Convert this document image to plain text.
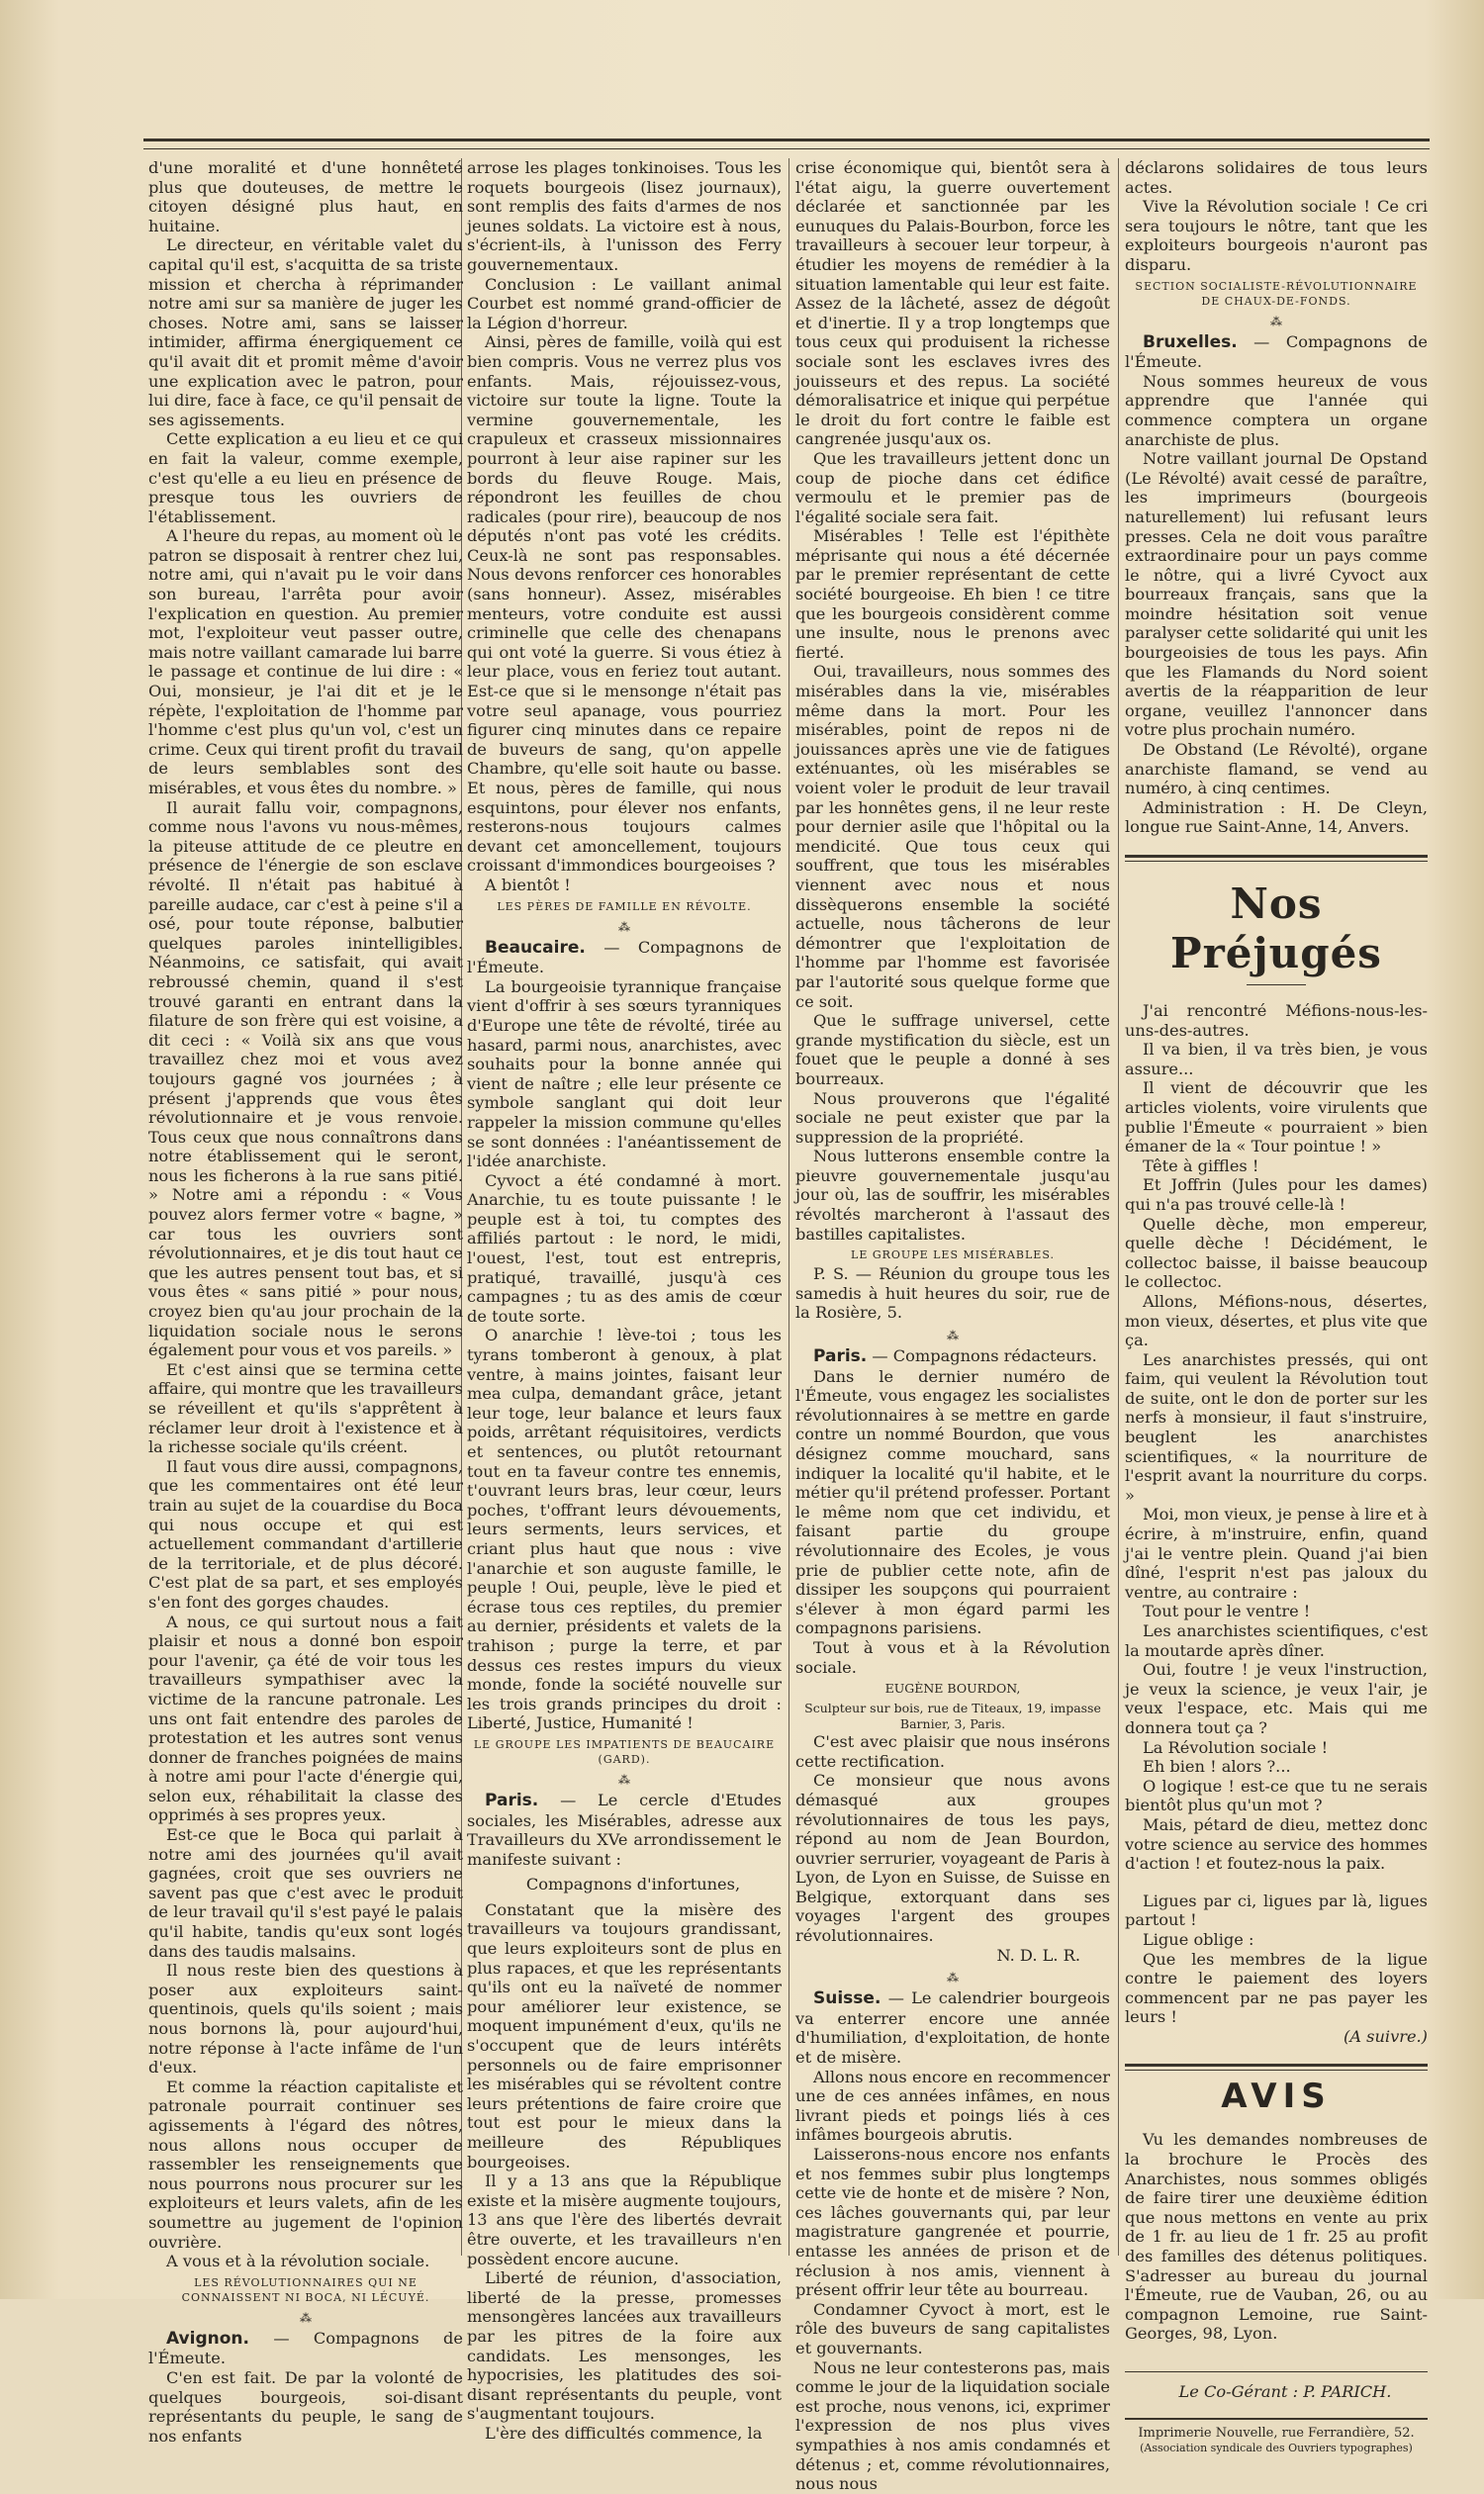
d'une moralité et d'une honnêteté plus que douteuses, de mettre le citoyen désigné plus haut, en huitaine.

Le directeur, en véritable valet du capital qu'il est, s'acquitta de sa triste mission et chercha à réprimander notre ami sur sa manière de juger les choses. Notre ami, sans se laisser intimider, affirma énergiquement ce qu'il avait dit et promit même d'avoir une explication avec le patron, pour lui dire, face à face, ce qu'il pensait de ses agissements.

Cette explication a eu lieu et ce qui en fait la valeur, comme exemple, c'est qu'elle a eu lieu en présence de presque tous les ouvriers de l'établissement.

A l'heure du repas, au moment où le patron se disposait à rentrer chez lui, notre ami, qui n'avait pu le voir dans son bureau, l'arrêta pour avoir l'explication en question. Au premier mot, l'exploiteur veut passer outre, mais notre vaillant camarade lui barre le passage et continue de lui dire : « Oui, monsieur, je l'ai dit et je le répète, l'exploitation de l'homme par l'homme c'est plus qu'un vol, c'est un crime. Ceux qui tirent profit du travail de leurs semblables sont des misérables, et vous êtes du nombre. »

Il aurait fallu voir, compagnons, comme nous l'avons vu nous-mêmes, la piteuse attitude de ce pleutre en présence de l'énergie de son esclave révolté. Il n'était pas habitué à pareille audace, car c'est à peine s'il a osé, pour toute réponse, balbutier quelques paroles inintelligibles. Néanmoins, ce satisfait, qui avait rebroussé chemin, quand il s'est trouvé garanti en entrant dans la filature de son frère qui est voisine, a dit ceci : « Voilà six ans que vous travaillez chez moi et vous avez toujours gagné vos journées ; à présent j'apprends que vous êtes révolutionnaire et je vous renvoie. Tous ceux que nous connaîtrons dans notre établissement qui le seront, nous les ficherons à la rue sans pitié. » Notre ami a répondu : « Vous pouvez alors fermer votre « bagne, » car tous les ouvriers sont révolutionnaires, et je dis tout haut ce que les autres pensent tout bas, et si vous êtes « sans pitié » pour nous, croyez bien qu'au jour prochain de la liquidation sociale nous le serons également pour vous et vos pareils. »

Et c'est ainsi que se termina cette affaire, qui montre que les travailleurs se réveillent et qu'ils s'apprêtent à réclamer leur droit à l'existence et à la richesse sociale qu'ils créent.

Il faut vous dire aussi, compagnons, que les commentaires ont été leur train au sujet de la couardise du Boca qui nous occupe et qui est actuellement commandant d'artillerie de la territoriale, et de plus décoré. C'est plat de sa part, et ses employés s'en font des gorges chaudes.

A nous, ce qui surtout nous a fait plaisir et nous a donné bon espoir pour l'avenir, ça été de voir tous les travailleurs sympathiser avec la victime de la rancune patronale. Les uns ont fait entendre des paroles de protestation et les autres sont venus donner de franches poignées de mains à notre ami pour l'acte d'énergie qui, selon eux, réhabilitait la classe des opprimés à ses propres yeux.

Est-ce que le Boca qui parlait à notre ami des journées qu'il avait gagnées, croit que ses ouvriers ne savent pas que c'est avec le produit de leur travail qu'il s'est payé le palais qu'il habite, tandis qu'eux sont logés dans des taudis malsains.

Il nous reste bien des questions à poser aux exploiteurs saint-quentinois, quels qu'ils soient ; mais nous bornons là, pour aujourd'hui, notre réponse à l'acte infâme de l'un d'eux.

Et comme la réaction capitaliste et patronale pourrait continuer ses agissements à l'égard des nôtres, nous allons nous occuper de rassembler les renseignements que nous pourrons nous procurer sur les exploiteurs et leurs valets, afin de les soumettre au jugement de l'opinion ouvrière.

A vous et à la révolution sociale.

LES RÉVOLUTIONNAIRES QUI NE CONNAISSENT NI BOCA, NI LÉCUYÉ.
⁂

Avignon. — Compagnons de l'Émeute.

C'en est fait. De par la volonté de quelques bourgeois, soi-disant représentants du peuple, le sang de nos enfants

arrose les plages tonkinoises. Tous les roquets bourgeois (lisez journaux), sont remplis des faits d'armes de nos jeunes soldats. La victoire est à nous, s'écrient-ils, à l'unisson des Ferry gouvernementaux.

Conclusion : Le vaillant animal Courbet est nommé grand-officier de la Légion d'horreur.

Ainsi, pères de famille, voilà qui est bien compris. Vous ne verrez plus vos enfants. Mais, réjouissez-vous, victoire sur toute la ligne. Toute la vermine gouvernementale, les crapuleux et crasseux missionnaires pourront à leur aise rapiner sur les bords du fleuve Rouge. Mais, répondront les feuilles de chou radicales (pour rire), beaucoup de nos députés n'ont pas voté les crédits. Ceux-là ne sont pas responsables. Nous devons renforcer ces honorables (sans honneur). Assez, misérables menteurs, votre conduite est aussi criminelle que celle des chenapans qui ont voté la guerre. Si vous étiez à leur place, vous en feriez tout autant. Est-ce que si le mensonge n'était pas votre seul apanage, vous pourriez figurer cinq minutes dans ce repaire de buveurs de sang, qu'on appelle Chambre, qu'elle soit haute ou basse. Et nous, pères de famille, qui nous esquintons, pour élever nos enfants, resterons-nous toujours calmes devant cet amoncellement, toujours croissant d'immondices bourgeoises ?

A bientôt !

LES PÈRES DE FAMILLE EN RÉVOLTE.
⁂

Beaucaire. — Compagnons de l'Émeute.

La bourgeoisie tyrannique française vient d'offrir à ses sœurs tyranniques d'Europe une tête de révolté, tirée au hasard, parmi nous, anarchistes, avec souhaits pour la bonne année qui vient de naître ; elle leur présente ce symbole sanglant qui doit leur rappeler la mission commune qu'elles se sont données : l'anéantissement de l'idée anarchiste.

Cyvoct a été condamné à mort. Anarchie, tu es toute puissante ! le peuple est à toi, tu comptes des affiliés partout : le nord, le midi, l'ouest, l'est, tout est entrepris, pratiqué, travaillé, jusqu'à ces campagnes ; tu as des amis de cœur de toute sorte.

O anarchie ! lève-toi ; tous les tyrans tomberont à genoux, à plat ventre, à mains jointes, faisant leur mea culpa, demandant grâce, jetant leur toge, leur balance et leurs faux poids, arrêtant réquisitoires, verdicts et sentences, ou plutôt retournant tout en ta faveur contre tes ennemis, t'ouvrant leurs bras, leur cœur, leurs poches, t'offrant leurs dévouements, leurs serments, leurs services, et criant plus haut que nous : vive l'anarchie et son auguste famille, le peuple ! Oui, peuple, lève le pied et écrase tous ces reptiles, du premier au dernier, présidents et valets de la trahison ; purge la terre, et par dessus ces restes impurs du vieux monde, fonde la société nouvelle sur les trois grands principes du droit : Liberté, Justice, Humanité !

LE GROUPE LES IMPATIENTS DE BEAUCAIRE (GARD).
⁂

Paris. — Le cercle d'Etudes sociales, les Misérables, adresse aux Travailleurs du XVe arrondissement le manifeste suivant :

Compagnons d'infortunes,

Constatant que la misère des travailleurs va toujours grandissant, que leurs exploiteurs sont de plus en plus rapaces, et que les représentants qu'ils ont eu la naïveté de nommer pour améliorer leur existence, se moquent impunément d'eux, qu'ils ne s'occupent que de leurs intérêts personnels ou de faire emprisonner les misérables qui se révoltent contre leurs prétentions de faire croire que tout est pour le mieux dans la meilleure des Républiques bourgeoises.

Il y a 13 ans que la République existe et la misère augmente toujours, 13 ans que l'ère des libertés devrait être ouverte, et les travailleurs n'en possèdent encore aucune.

Liberté de réunion, d'association, liberté de la presse, promesses mensongères lancées aux travailleurs par les pitres de la foire aux candidats. Les mensonges, les hypocrisies, les platitudes des soi-disant représentants du peuple, vont s'augmentant toujours.

L'ère des difficultés commence, la

crise économique qui, bientôt sera à l'état aigu, la guerre ouvertement déclarée et sanctionnée par les eunuques du Palais-Bourbon, force les travailleurs à secouer leur torpeur, à étudier les moyens de remédier à la situation lamentable qui leur est faite. Assez de la lâcheté, assez de dégoût et d'inertie. Il y a trop longtemps que tous ceux qui produisent la richesse sociale sont les esclaves ivres des jouisseurs et des repus. La société démoralisatrice et inique qui perpétue le droit du fort contre le faible est cangrenée jusqu'aux os.

Que les travailleurs jettent donc un coup de pioche dans cet édifice vermoulu et le premier pas de l'égalité sociale sera fait.

Misérables ! Telle est l'épithète méprisante qui nous a été décernée par le premier représentant de cette société bourgeoise. Eh bien ! ce titre que les bourgeois considèrent comme une insulte, nous le prenons avec fierté.

Oui, travailleurs, nous sommes des misérables dans la vie, misérables même dans la mort. Pour les misérables, point de repos ni de jouissances après une vie de fatigues exténuantes, où les misérables se voient voler le produit de leur travail par les honnêtes gens, il ne leur reste pour dernier asile que l'hôpital ou la mendicité. Que tous ceux qui souffrent, que tous les misérables viennent avec nous et nous dissèquerons ensemble la société actuelle, nous tâcherons de leur démontrer que l'exploitation de l'homme par l'homme est favorisée par l'autorité sous quelque forme que ce soit.

Que le suffrage universel, cette grande mystification du siècle, est un fouet que le peuple a donné à ses bourreaux.

Nous prouverons que l'égalité sociale ne peut exister que par la suppression de la propriété.

Nous lutterons ensemble contre la pieuvre gouvernementale jusqu'au jour où, las de souffrir, les misérables révoltés marcheront à l'assaut des bastilles capitalistes.

LE GROUPE LES MISÉRABLES.

P. S. — Réunion du groupe tous les samedis à huit heures du soir, rue de la Rosière, 5.

⁂

Paris. — Compagnons rédacteurs.

Dans le dernier numéro de l'Émeute, vous engagez les socialistes révolutionnaires à se mettre en garde contre un nommé Bourdon, que vous désignez comme mouchard, sans indiquer la localité qu'il habite, et le métier qu'il prétend professer. Portant le même nom que cet individu, et faisant partie du groupe révolutionnaire des Ecoles, je vous prie de publier cette note, afin de dissiper les soupçons qui pourraient s'élever à mon égard parmi les compagnons parisiens.

Tout à vous et à la Révolution sociale.

EUGÈNE BOURDON,
Sculpteur sur bois, rue de Titeaux, 19, impasse Barnier, 3, Paris.

C'est avec plaisir que nous insérons cette rectification.

Ce monsieur que nous avons démasqué aux groupes révolutionnaires de tous les pays, répond au nom de Jean Bourdon, ouvrier serrurier, voyageant de Paris à Lyon, de Lyon en Suisse, de Suisse en Belgique, extorquant dans ses voyages l'argent des groupes révolutionnaires.

N. D. L. R.

⁂

Suisse. — Le calendrier bourgeois va enterrer encore une année d'humiliation, d'exploitation, de honte et de misère.

Allons nous encore en recommencer une de ces années infâmes, en nous livrant pieds et poings liés à ces infâmes bourgeois abrutis.

Laisserons-nous encore nos enfants et nos femmes subir plus longtemps cette vie de honte et de misère ? Non, ces lâches gouvernants qui, par leur magistrature gangrenée et pourrie, entasse les années de prison et de réclusion à nos amis, viennent à présent offrir leur tête au bourreau.

Condamner Cyvoct à mort, est le rôle des buveurs de sang capitalistes et gouvernants.

Nous ne leur contesterons pas, mais comme le jour de la liquidation sociale est proche, nous venons, ici, exprimer l'expression de nos plus vives sympathies à nos amis condamnés et détenus ; et, comme révolutionnaires, nous nous

déclarons solidaires de tous leurs actes.

Vive la Révolution sociale ! Ce cri sera toujours le nôtre, tant que les exploiteurs bourgeois n'auront pas disparu.

SECTION SOCIALISTE-RÉVOLUTIONNAIRE DE CHAUX-DE-FONDS.
⁂

Bruxelles. — Compagnons de l'Émeute.

Nous sommes heureux de vous apprendre que l'année qui commence comptera un organe anarchiste de plus.

Notre vaillant journal De Opstand (Le Révolté) avait cessé de paraître, les imprimeurs (bourgeois naturellement) lui refusant leurs presses. Cela ne doit vous paraître extraordinaire pour un pays comme le nôtre, qui a livré Cyvoct aux bourreaux français, sans que la moindre hésitation soit venue paralyser cette solidarité qui unit les bourgeoisies de tous les pays. Afin que les Flamands du Nord soient avertis de la réapparition de leur organe, veuillez l'annoncer dans votre plus prochain numéro.

De Obstand (Le Révolté), organe anarchiste flamand, se vend au numéro, à cinq centimes.

Administration : H. De Cleyn, longue rue Saint-Anne, 14, Anvers.

Nos Préjugés

J'ai rencontré Méfions-nous-les-uns-des-autres.

Il va bien, il va très bien, je vous assure...

Il vient de découvrir que les articles violents, voire virulents que publie l'Émeute « pourraient » bien émaner de la « Tour pointue ! »

Tête à giffles !

Et Joffrin (Jules pour les dames) qui n'a pas trouvé celle-là !

Quelle dèche, mon empereur, quelle dèche ! Décidément, le collectoc baisse, il baisse beaucoup le collectoc.

Allons, Méfions-nous, désertes, mon vieux, désertes, et plus vite que ça.

Les anarchistes pressés, qui ont faim, qui veulent la Révolution tout de suite, ont le don de porter sur les nerfs à monsieur, il faut s'instruire, beuglent les anarchistes scientifiques, « la nourriture de l'esprit avant la nourriture du corps. »

Moi, mon vieux, je pense à lire et à écrire, à m'instruire, enfin, quand j'ai le ventre plein. Quand j'ai bien dîné, l'esprit n'est pas jaloux du ventre, au contraire :

Tout pour le ventre !

Les anarchistes scientifiques, c'est la moutarde après dîner.

Oui, foutre ! je veux l'instruction, je veux la science, je veux l'air, je veux l'espace, etc. Mais qui me donnera tout ça ?

La Révolution sociale !

Eh bien ! alors ?...

O logique ! est-ce que tu ne serais bientôt plus qu'un mot ?

Mais, pétard de dieu, mettez donc votre science au service des hommes d'action ! et foutez-nous la paix.

Ligues par ci, ligues par là, ligues partout !

Ligue oblige :

Que les membres de la ligue contre le paiement des loyers commencent par ne pas payer les leurs !

(A suivre.)

AVIS

Vu les demandes nombreuses de la brochure le Procès des Anarchistes, nous sommes obligés de faire tirer une deuxième édition que nous mettons en vente au prix de 1 fr. au lieu de 1 fr. 25 au profit des familles des détenus politiques. S'adresser au bureau du journal l'Émeute, rue de Vauban, 26, ou au compagnon Lemoine, rue Saint-Georges, 98, Lyon.

Le Co-Gérant : P. PARICH.

Imprimerie Nouvelle, rue Ferrandière, 52.
(Association syndicale des Ouvriers typographes)
